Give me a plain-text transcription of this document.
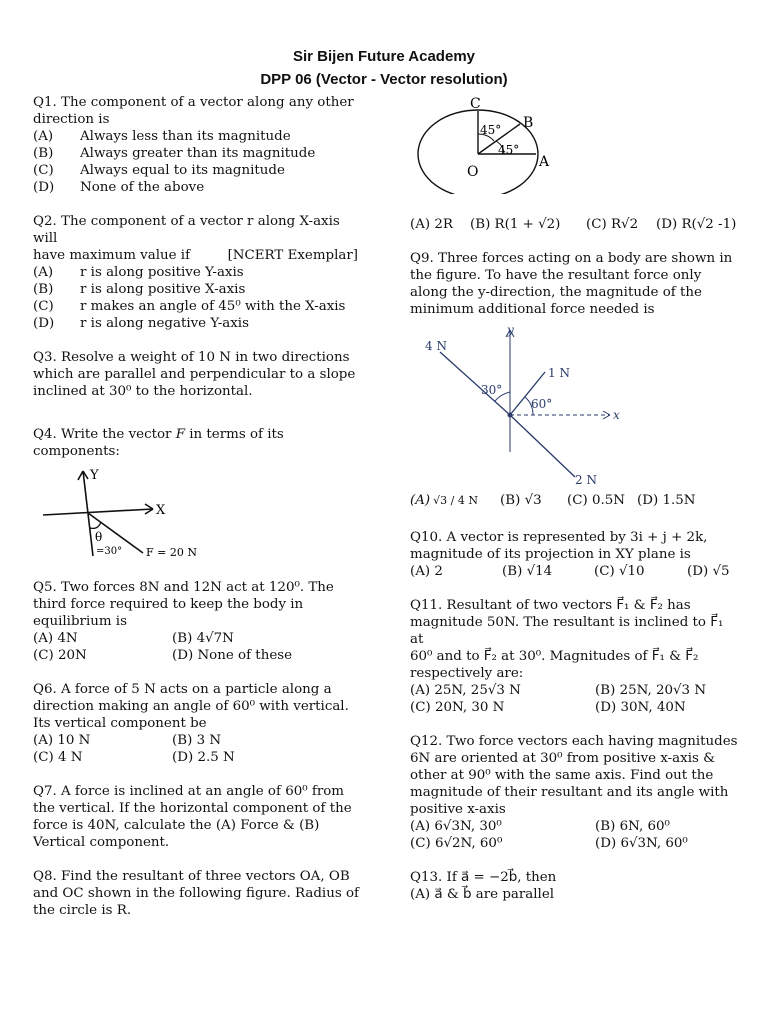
Sir Bijen Future Academy
DPP 06 (Vector - Vector resolution)

Q1. The component of a vector along any other direction is

(A)	Always less than its magnitude
(B)	Always greater than its magnitude
(C)	Always equal to its magnitude
(D)	None of the above

Q2. The component of a vector r along X-axis will

have maximum value if	[NCERT Exemplar]
(A)	r is along positive Y-axis
(B)	r is along positive X-axis
(C)	r makes an angle of 45⁰ with the X-axis
(D)	r is along negative Y-axis

Q3. Resolve a weight of 10 N in two directions which are parallel and perpendicular to a slope inclined at 30⁰ to the horizontal.

Q4. Write the vector F in terms of its components:

Y
X
θ
=30° F = 20 N

Q5. Two forces 8N and 12N act at 120⁰. The third force required to keep the body in equilibrium is

(A) 4N	(B) 4√7N
(C) 20N	(D) None of these

Q6. A force of 5 N acts on a particle along a direction making an angle of 60⁰ with vertical. Its vertical component be

(A) 10 N	(B) 3 N
(C) 4 N	(D) 2.5 N

Q7. A force is inclined at an angle of 60⁰ from the vertical. If the horizontal component of the force is 40N, calculate the (A) Force & (B) Vertical component.

Q8. Find the resultant of three vectors OA, OB and OC shown in the following figure. Radius of the circle is R.

C
B
A
O
45°
45°
(A) 2R	(B) R(1 + √2)	(C) R√2	(D) R(√2 -1)

Q9. Three forces acting on a body are shown in the figure. To have the resultant force only along the y-direction, the magnitude of the minimum additional force needed is

y
x
4 N
1 N
2 N
30°
60°
(A) √3 / 4 N (B) √3	(C) 0.5N (D) 1.5N

Q10. A vector is represented by 3i + j + 2k, magnitude of its projection in XY plane is

(A) 2	(B) √14	(C) √10	(D) √5

Q11. Resultant of two vectors F⃗₁ & F⃗₂ has

magnitude 50N. The resultant is inclined to F⃗₁ at

60⁰ and to F⃗₂ at 30⁰. Magnitudes of F⃗₁ & F⃗₂

respectively are:

(A) 25N, 25√3 N	(B) 25N, 20√3 N
(C) 20N, 30 N	(D) 30N, 40N

Q12. Two force vectors each having magnitudes 6N are oriented at 30⁰ from positive x-axis & other at 90⁰ with the same axis. Find out the magnitude of their resultant and its angle with positive x-axis

(A) 6√3N, 30⁰	(B) 6N, 60⁰
(C) 6√2N, 60⁰	(D) 6√3N, 60⁰

Q13. If a⃗ = −2b⃗, then

(A) a⃗ & b⃗ are parallel
